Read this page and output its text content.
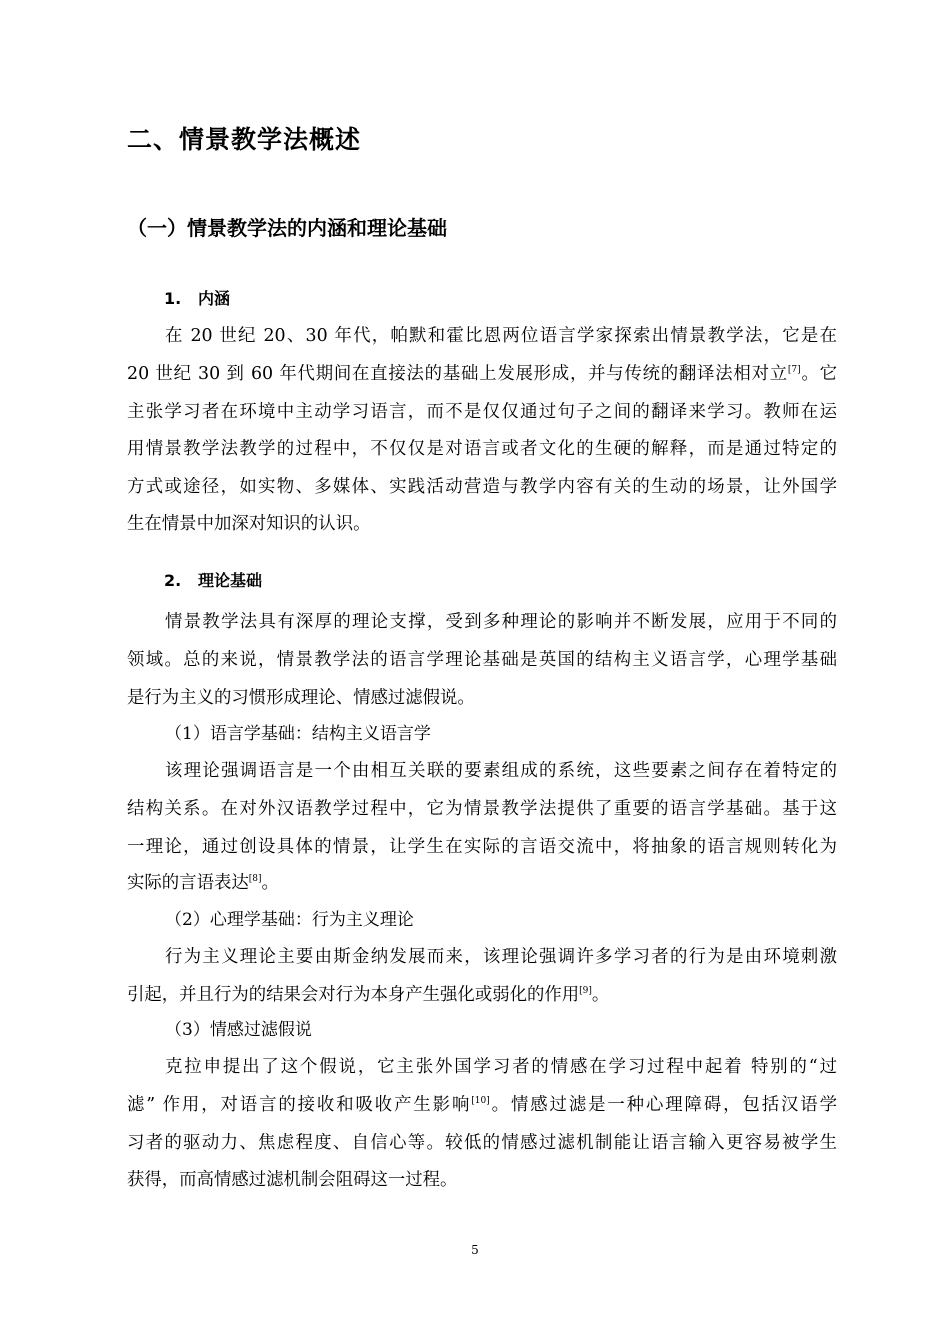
二、情景教学法概述
（一）情景教学法的内涵和理论基础
1. 内涵
在 20 世纪 20、30 年代，帕默和霍比恩两位语言学家探索出情景教学法，它是在
20 世纪 30 到 60 年代期间在直接法的基础上发展形成，并与传统的翻译法相对立[7]。它
主张学习者在环境中主动学习语言，而不是仅仅通过句子之间的翻译来学习。教师在运
用情景教学法教学的过程中，不仅仅是对语言或者文化的生硬的解释，而是通过特定的
方式或途径，如实物、多媒体、实践活动营造与教学内容有关的生动的场景，让外国学
生在情景中加深对知识的认识。
2. 理论基础
情景教学法具有深厚的理论支撑，受到多种理论的影响并不断发展，应用于不同的
领域。总的来说，情景教学法的语言学理论基础是英国的结构主义语言学，心理学基础
是行为主义的习惯形成理论、情感过滤假说。
（1）语言学基础：结构主义语言学
该理论强调语言是一个由相互关联的要素组成的系统，这些要素之间存在着特定的
结构关系。在对外汉语教学过程中，它为情景教学法提供了重要的语言学基础。基于这
一理论，通过创设具体的情景，让学生在实际的言语交流中，将抽象的语言规则转化为
实际的言语表达[8]。
（2）心理学基础：行为主义理论
行为主义理论主要由斯金纳发展而来，该理论强调许多学习者的行为是由环境刺激
引起，并且行为的结果会对行为本身产生强化或弱化的作用[9]。
（3）情感过滤假说
克拉申提出了这个假说，它主张外国学习者的情感在学习过程中起着 特别的“过
滤” 作用，对语言的接收和吸收产生影响[10]。情感过滤是一种心理障碍，包括汉语学
习者的驱动力、焦虑程度、自信心等。较低的情感过滤机制能让语言输入更容易被学生
获得，而高情感过滤机制会阻碍这一过程。
5
